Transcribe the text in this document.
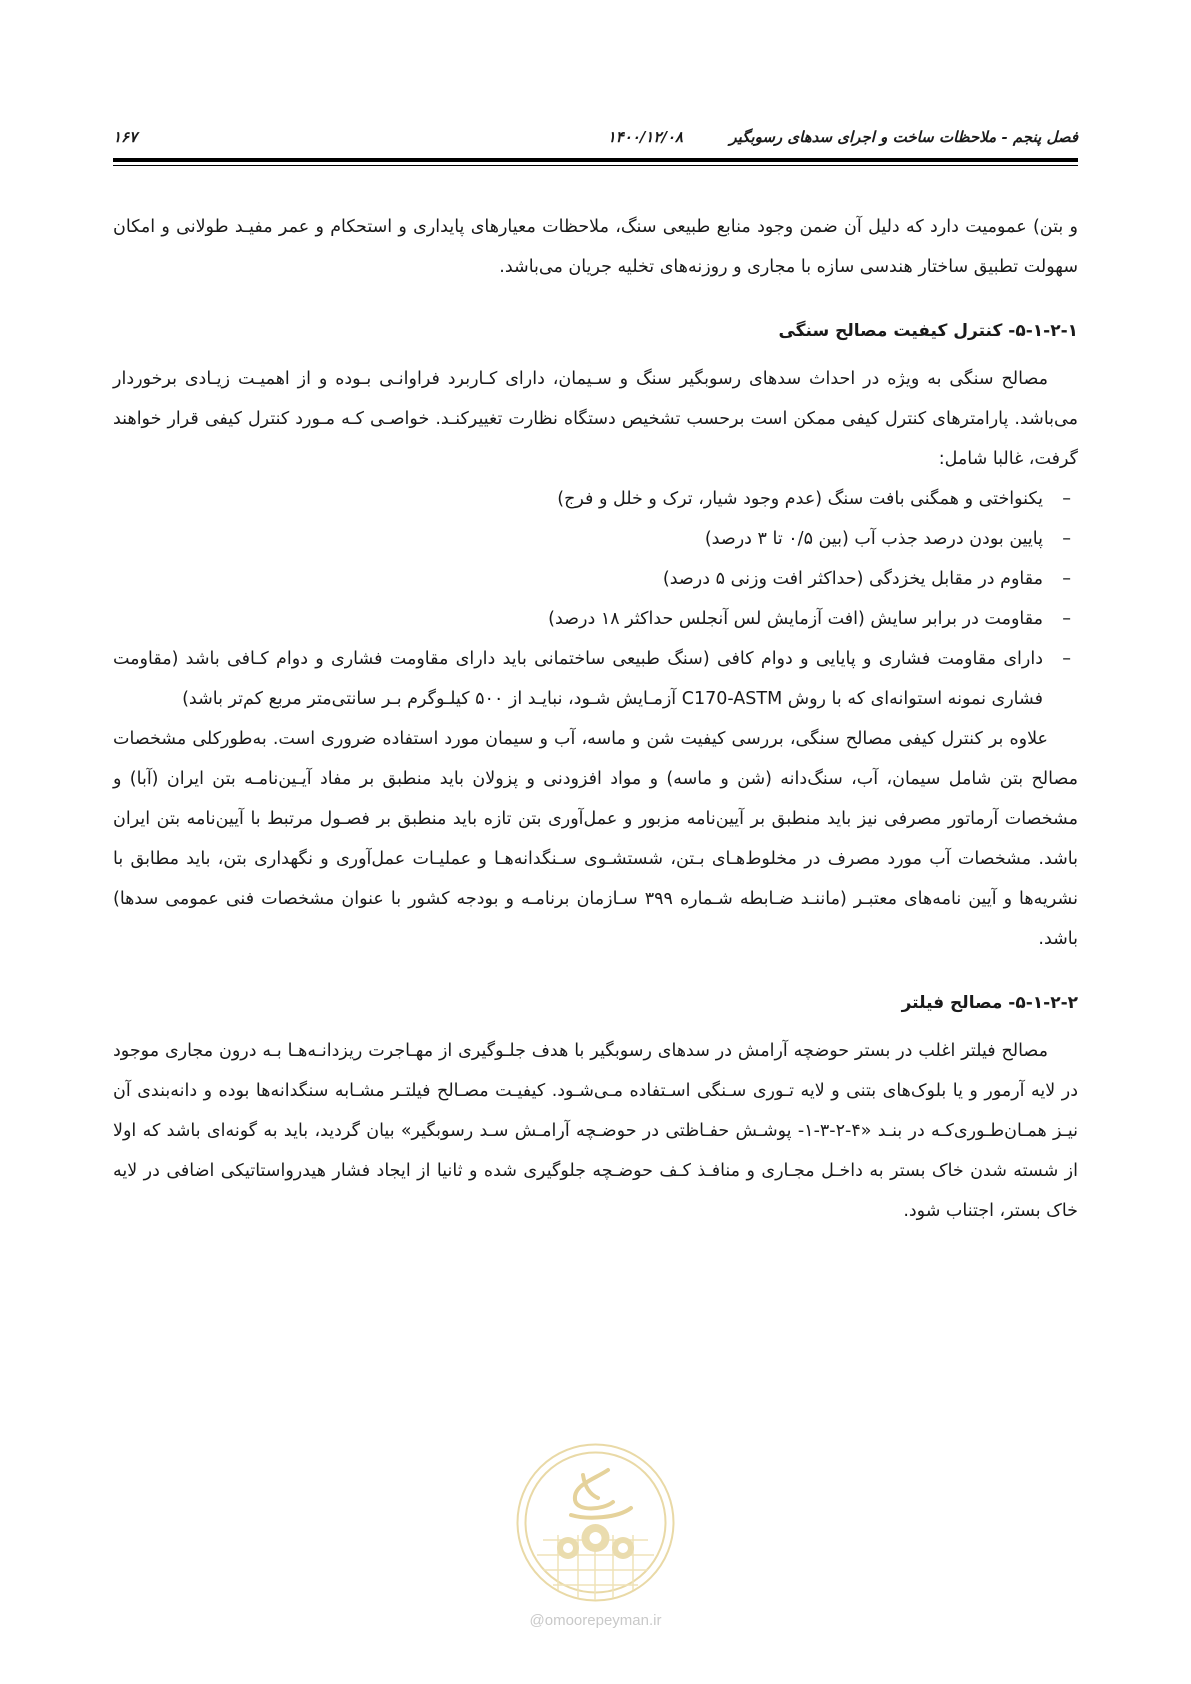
فصل پنجم - ملاحظات ساخت و اجرای سدهای رسوبگیر
۱۴۰۰/۱۲/۰۸
۱۶۷

و بتن) عمومیت دارد که دلیل آن ضمن وجود منابع طبیعی سنگ، ملاحظات معیارهای پایداری و استحکام و عمر مفیـد طولانی و امکان سهولت تطبیق ساختار هندسی سازه با مجاری و روزنه‌های تخلیه جریان می‌باشد.

۵-۱-۲-۱- کنترل کیفیت مصالح سنگی

مصالح سنگی به ویژه در احداث سدهای رسوبگیر سنگ و سـیمان، دارای کـاربرد فراوانـی بـوده و از اهمیـت زیـادی برخوردار می‌باشد. پارامترهای کنترل کیفی ممکن است برحسب تشخیص دستگاه نظارت تغییرکنـد. خواصـی کـه مـورد کنترل کیفی قرار خواهند گرفت، غالبا شامل:

– یکنواختی و همگنی بافت سنگ (عدم وجود شیار، ترک و خلل و فرج)
– پایین بودن درصد جذب آب (بین ۰/۵ تا ۳ درصد)
– مقاوم در مقابل یخزدگی (حداکثر افت وزنی ۵ درصد)
– مقاومت در برابر سایش (افت آزمایش لس آنجلس حداکثر ۱۸ درصد)
– دارای مقاومت فشاری و پایایی و دوام کافی (سنگ طبیعی ساختمانی باید دارای مقاومت فشاری و دوام کـافی باشد (مقاومت فشاری نمونه استوانه‌ای که با روش C170-ASTM آزمـایش شـود، نبایـد از ۵۰۰ کیلـوگرم بـر سانتی‌متر مربع کم‌تر باشد)

علاوه بر کنترل کیفی مصالح سنگی، بررسی کیفیت شن و ماسه، آب و سیمان مورد استفاده ضروری است. به‌طورکلی مشخصات مصالح بتن شامل سیمان، آب، سنگ‌دانه (شن و ماسه) و مواد افزودنی و پزولان باید منطبق بر مفاد آیـین‌نامـه بتن ایران (آبا) و مشخصات آرماتور مصرفی نیز باید منطبق بر آیین‌نامه مزبور و عمل‌آوری بتن تازه باید منطبق بر فصـول مرتبط با آیین‌نامه بتن ایران باشد. مشخصات آب مورد مصرف در مخلوط‌هـای بـتن، شستشـوی سـنگدانه‌هـا و عملیـات عمل‌آوری و نگهداری بتن، باید مطابق با نشریه‌ها و آیین نامه‌های معتبـر (ماننـد ضـابطه شـماره ۳۹۹ سـازمان برنامـه و بودجه کشور با عنوان مشخصات فنی عمومی سدها) باشد.

۵-۱-۲-۲- مصالح فیلتر

مصالح فیلتر اغلب در بستر حوضچه آرامش در سدهای رسوبگیر با هدف جلـوگیری از مهـاجرت ریزدانـه‌هـا بـه درون مجاری موجود در لایه آرمور و یا بلوک‌های بتنی و لایه تـوری سـنگی اسـتفاده مـی‌شـود. کیفیـت مصـالح فیلتـر مشـابه سنگدانه‌ها بوده و دانه‌بندی آن نیـز همـان‌طـوری‌کـه در بنـد «۴-۲-۳-۱- پوشـش حفـاظتی در حوضـچه آرامـش سـد رسوبگیر» بیان گردید، باید به گونه‌ای باشد که اولا از شسته شدن خاک بستر به داخـل مجـاری و منافـذ کـف حوضـچه جلوگیری شده و ثانیا از ایجاد فشار هیدرواستاتیکی اضافی در لایه خاک بستر، اجتناب شود.

@omoorepeyman.ir
